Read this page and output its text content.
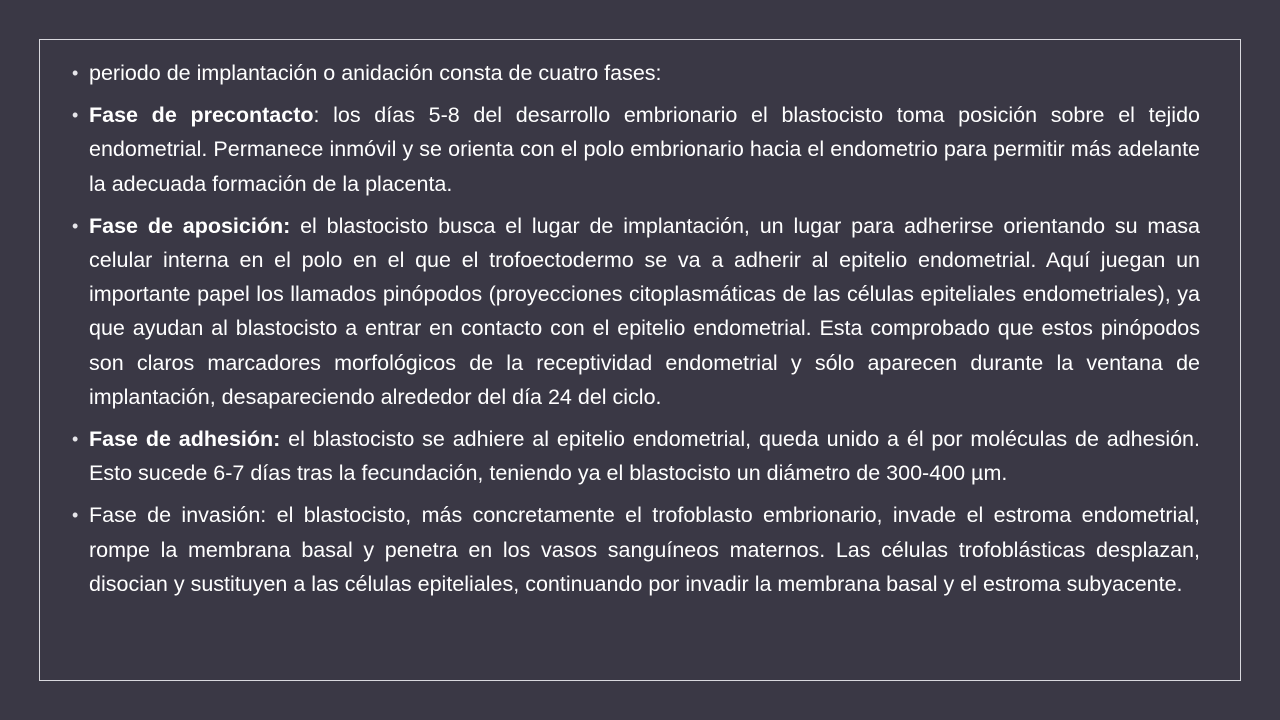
• periodo de implantación o anidación consta de cuatro fases:
• Fase de precontacto: los días 5-8 del desarrollo embrionario el blastocisto toma posición sobre el tejido endometrial. Permanece inmóvil y se orienta con el polo embrionario hacia el endometrio para permitir más adelante la adecuada formación de la placenta.
• Fase de aposición: el blastocisto busca el lugar de implantación, un lugar para adherirse orientando su masa celular interna en el polo en el que el trofoectodermo se va a adherir al epitelio endometrial. Aquí juegan un importante papel los llamados pinópodos (proyecciones citoplasmáticas de las células epiteliales endometriales), ya que ayudan al blastocisto a entrar en contacto con el epitelio endometrial. Esta comprobado que estos pinópodos son claros marcadores morfológicos de la receptividad endometrial y sólo aparecen durante la ventana de implantación, desapareciendo alrededor del día 24 del ciclo.
• Fase de adhesión: el blastocisto se adhiere al epitelio endometrial, queda unido a él por moléculas de adhesión. Esto sucede 6-7 días tras la fecundación, teniendo ya el blastocisto un diámetro de 300-400 µm.
• Fase de invasión: el blastocisto, más concretamente el trofoblasto embrionario, invade el estroma endometrial, rompe la membrana basal y penetra en los vasos sanguíneos maternos. Las células trofoblásticas desplazan, disocian y sustituyen a las células epiteliales, continuando por invadir la membrana basal y el estroma subyacente.
